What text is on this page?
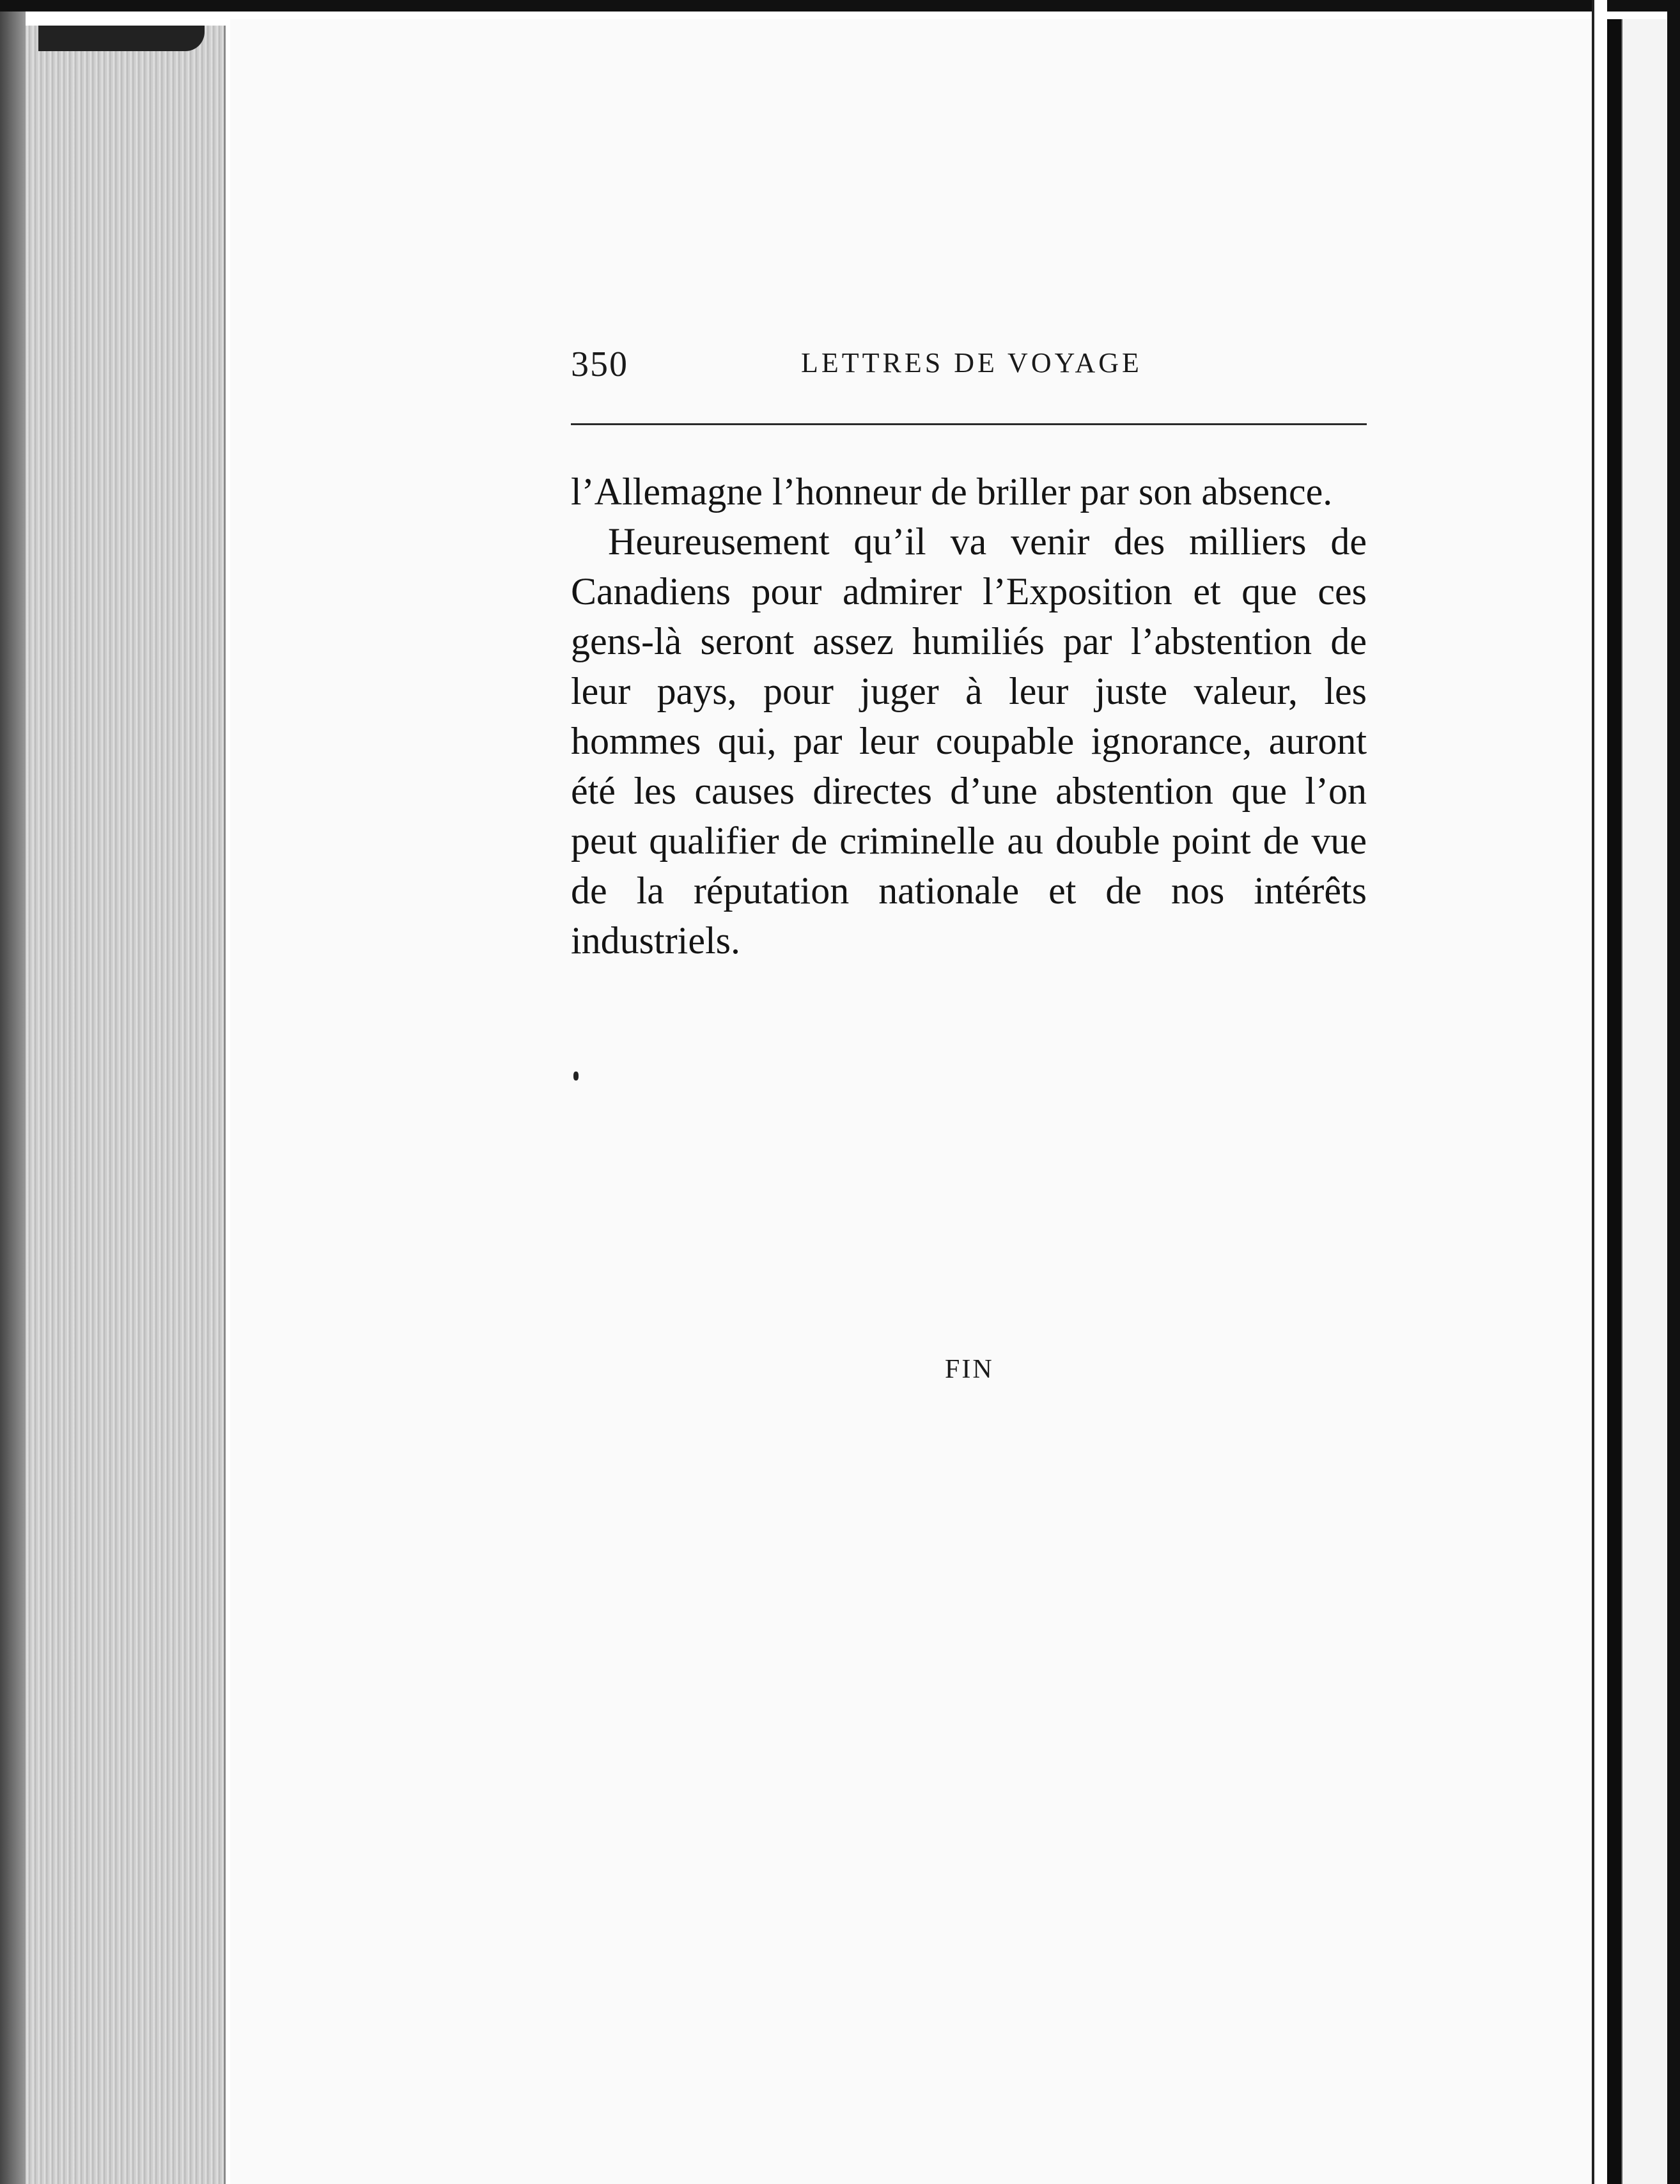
350	LETTRES DE VOYAGE

l’Allemagne l’honneur de briller par son absence.

Heureusement qu’il va venir des milliers de Canadiens pour admirer l’Exposition et que ces gens-là seront assez humiliés par l’abstention de leur pays, pour juger à leur juste valeur, les hommes qui, par leur coupable ignorance, auront été les causes directes d’une abstention que l’on peut qualifier de criminelle au double point de vue de la réputation nationale et de nos intérêts industriels.

FIN
